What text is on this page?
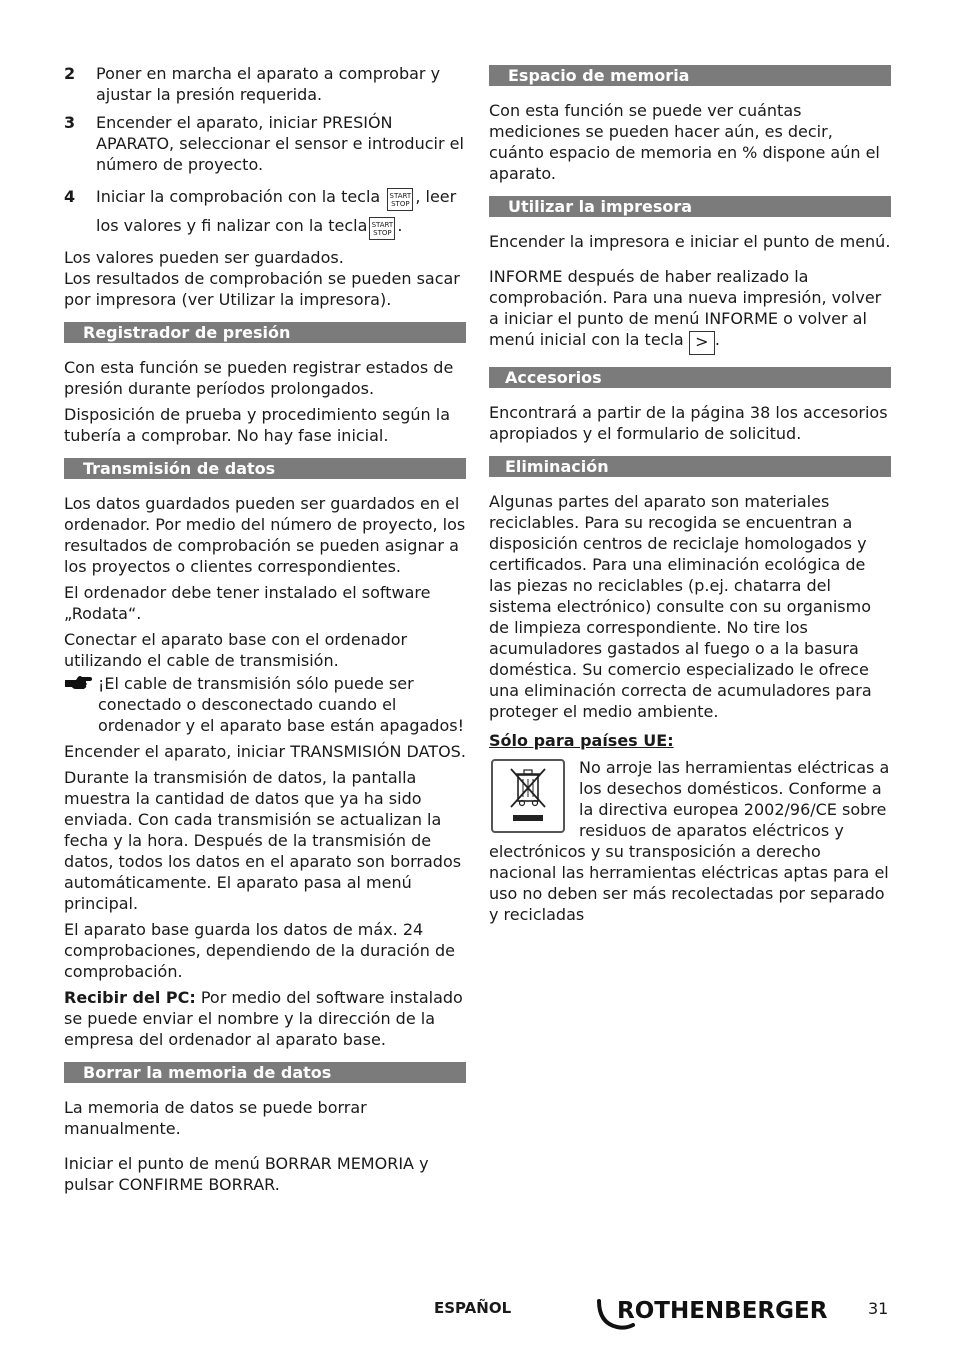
2	Poner en marcha el aparato a comprobar y ajustar la presión requerida.
3	Encender el aparato, iniciar PRESIÓN APARATO, seleccionar el sensor e introducir el número de proyecto.
4	Iniciar la comprobación con la tecla START
STOP , leer los valores y fi nalizar con la tecla START
STOP .

Los valores pueden ser guardados.

Los resultados de comprobación se pueden sacar por impresora (ver Utilizar la impresora).

Registrador de presión

Con esta función se pueden registrar estados de presión durante períodos prolongados.

Disposición de prueba y procedimiento según la tubería a comprobar. No hay fase inicial.

Transmisión de datos

Los datos guardados pueden ser guardados en el ordenador. Por medio del número de proyecto, los resultados de comprobación se pueden asignar a los proyectos o clientes correspondientes.

El ordenador debe tener instalado el software „Rodata“.

Conectar el aparato base con el ordenador utilizando el cable de transmisión.

¡El cable de transmisión sólo puede ser conectado o desconectado cuando el ordenador y el aparato base están apagados!

Encender el aparato, iniciar TRANSMISIÓN DATOS.

Durante la transmisión de datos, la pantalla muestra la cantidad de datos que ya ha sido enviada. Con cada transmisión se actualizan la fecha y la hora. Después de la transmisión de datos, todos los datos en el aparato son borrados automáticamente. El aparato pasa al menú principal.

El aparato base guarda los datos de máx. 24 comprobaciones, dependiendo de la duración de comprobación.

Recibir del PC: Por medio del software instalado se puede enviar el nombre y la dirección de la empresa del ordenador al aparato base.

Borrar la memoria de datos

La memoria de datos se puede borrar manualmente.

Iniciar el punto de menú BORRAR MEMORIA y pulsar CONFIRME BORRAR.

Espacio de memoria

Con esta función se puede ver cuántas mediciones se pueden hacer aún, es decir, cuánto espacio de memoria en % dispone aún el aparato.

Utilizar la impresora

Encender la impresora e iniciar el punto de menú.

INFORME después de haber realizado la comprobación. Para una nueva impresión, volver a iniciar el punto de menú INFORME o volver al menú inicial con la tecla > .

Accesorios

Encontrará a partir de la página 38 los accesorios apropiados y el formulario de solicitud.

Eliminación

Algunas partes del aparato son materiales reciclables. Para su recogida se encuentran a disposición centros de reciclaje homologados y certificados. Para una eliminación ecológica de las piezas no reciclables (p.ej. chatarra del sistema electrónico) consulte con su organismo de limpieza correspondiente. No tire los acumuladores gastados al fuego o a la basura doméstica. Su comercio especializado le ofrece una eliminación correcta de acumuladores para proteger el medio ambiente.

Sólo para países UE:

No arroje las herramientas eléctricas a los desechos domésticos. Conforme a la directiva europea 2002/96/CE sobre residuos de aparatos eléctricos y electrónicos y su transposición a derecho nacional las herramientas eléctricas aptas para el uso no deben ser más recolectadas por separado y recicladas

ESPAÑOL	ROTHENBERGER	31
